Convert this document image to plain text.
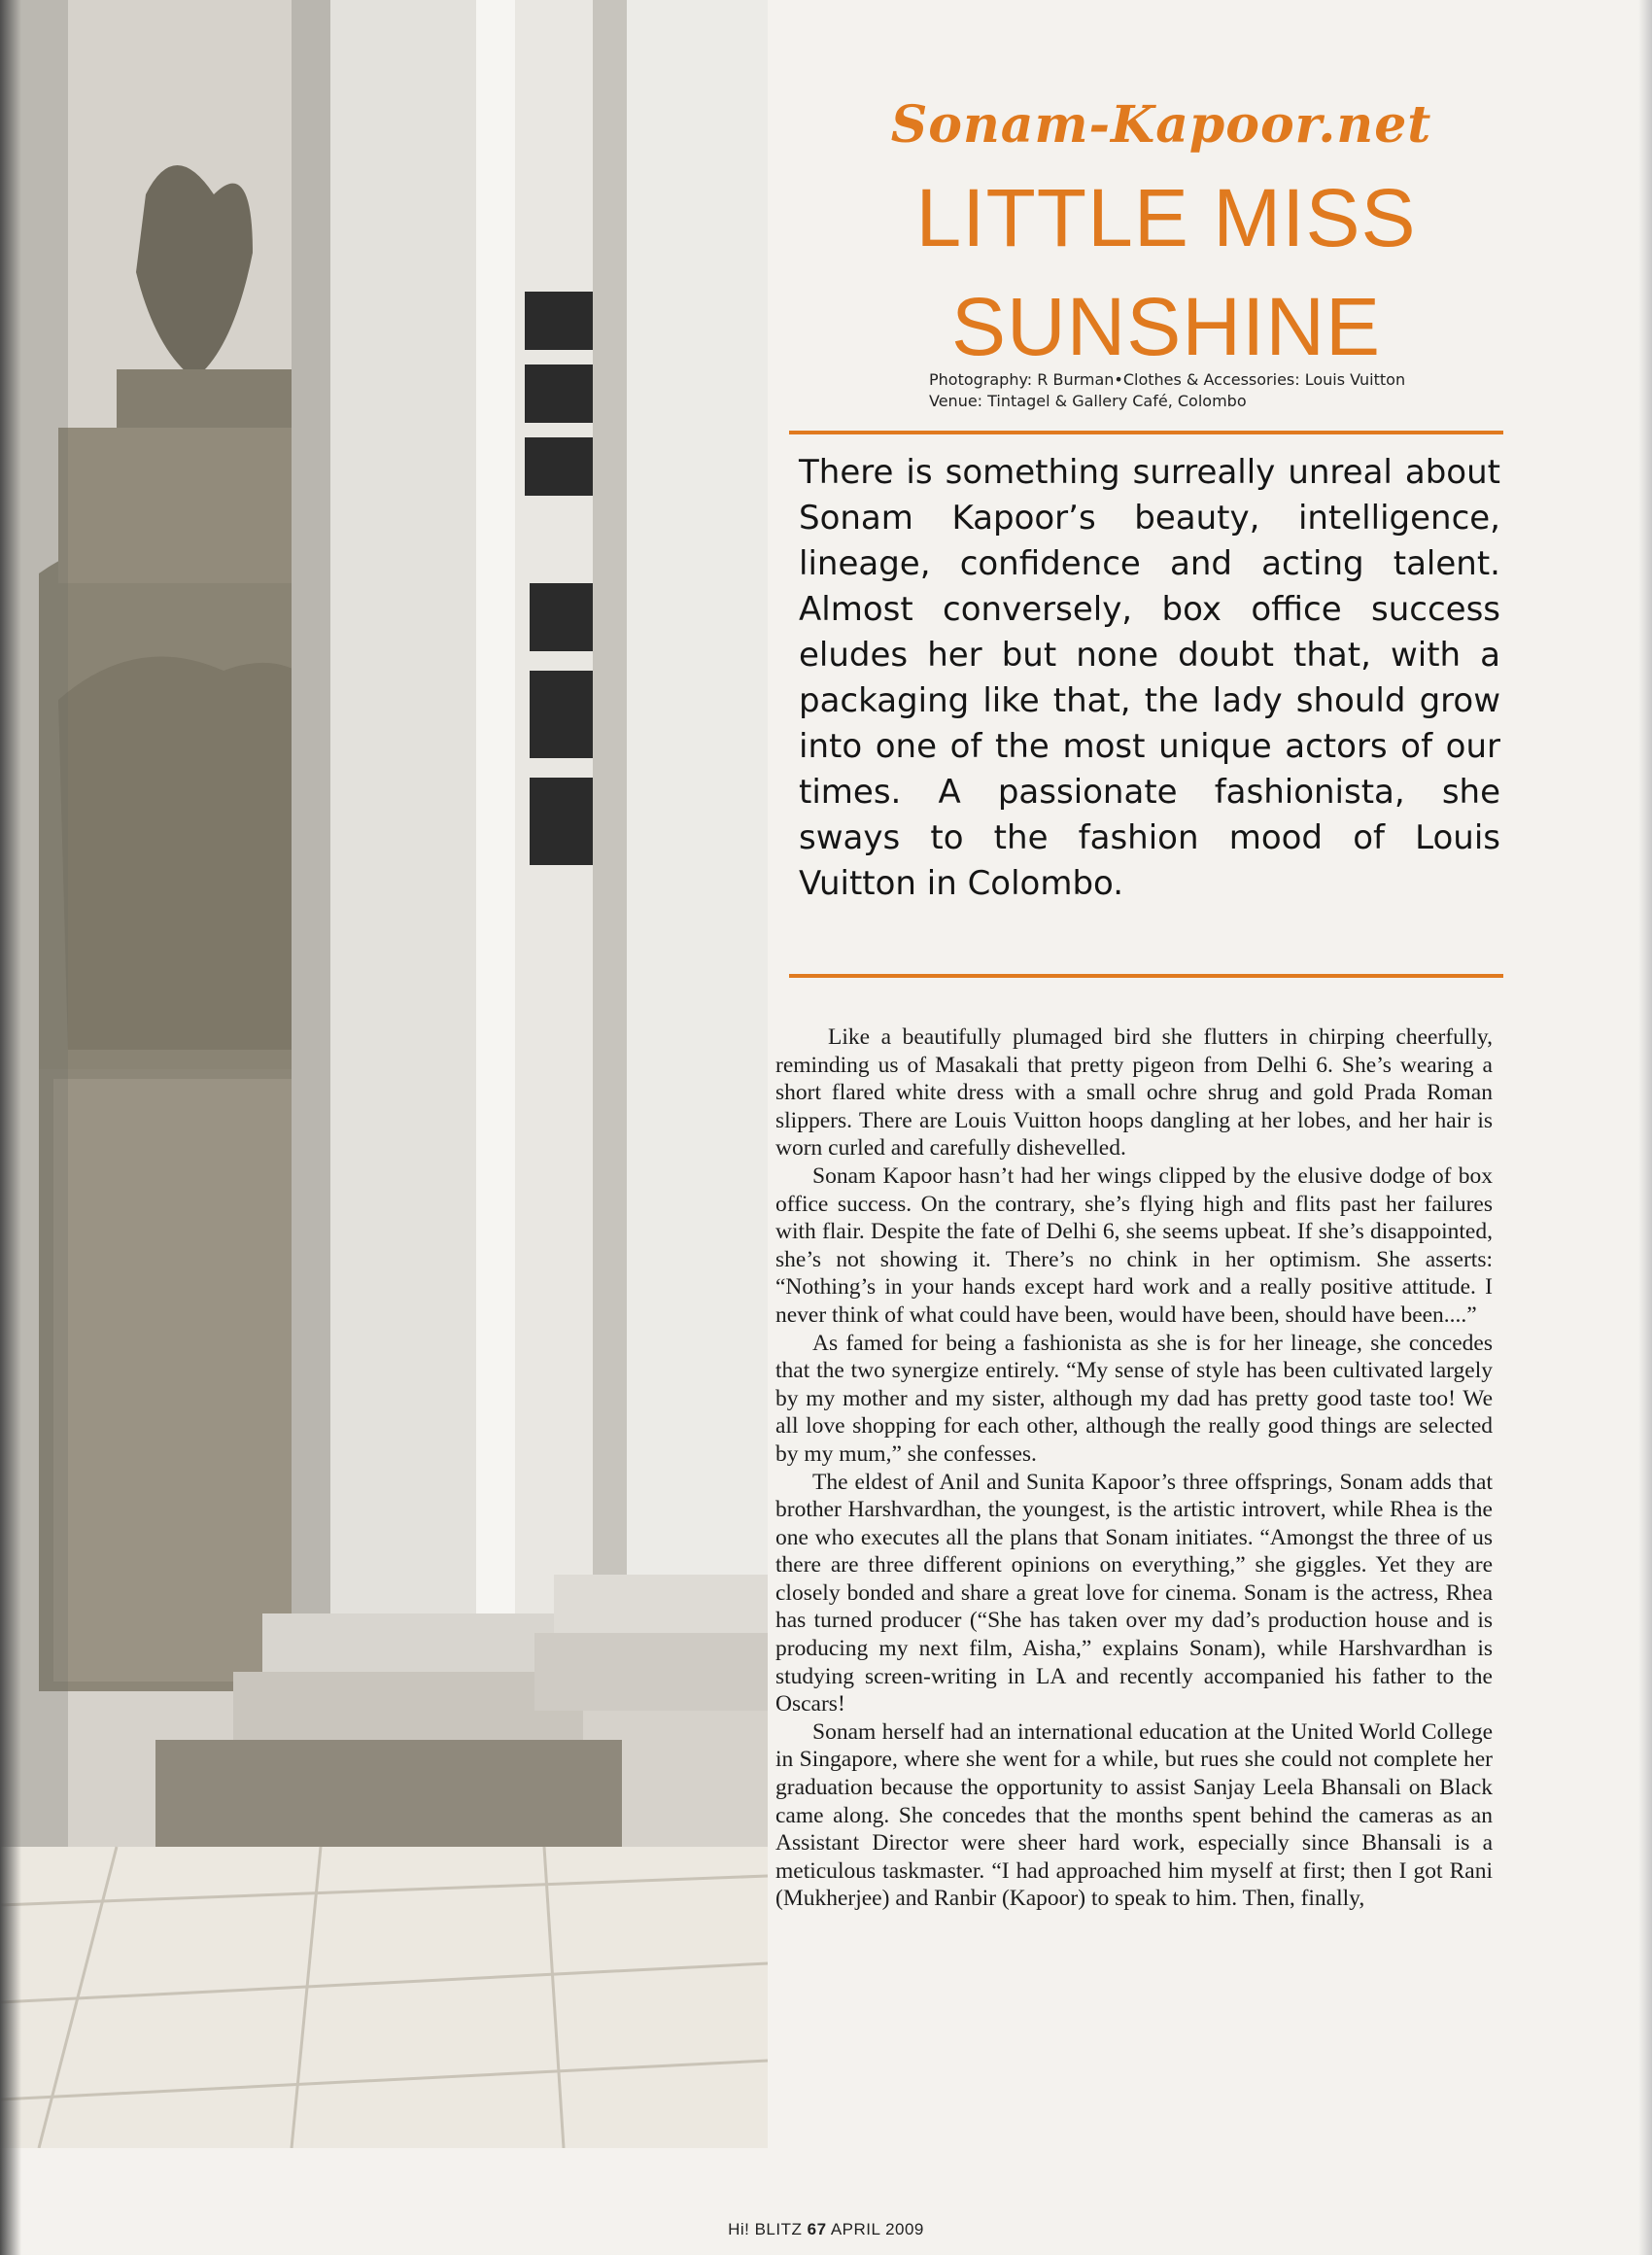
Sonam-Kapoor.net
LITTLE MISS
SUNSHINE
Photography: R Burman•Clothes & Accessories: Louis Vuitton
Venue: Tintagel & Gallery Café, Colombo
There is something surreally unreal about Sonam Kapoor’s beauty, intelligence, lineage, confidence and acting talent. Almost conversely, box office success eludes her but none doubt that, with a packaging like that, the lady should grow into one of the most unique actors of our times. A passionate fashionista, she sways to the fashion mood of Louis Vuitton in Colombo.

Like a beautifully plumaged bird she flutters in chirping cheerfully, reminding us of Masakali that pretty pigeon from Delhi 6. She’s wearing a short flared white dress with a small ochre shrug and gold Prada Roman slippers. There are Louis Vuitton hoops dangling at her lobes, and her hair is worn curled and carefully dishevelled.

Sonam Kapoor hasn’t had her wings clipped by the elusive dodge of box office success. On the contrary, she’s flying high and flits past her failures with flair. Despite the fate of Delhi 6, she seems upbeat. If she’s disappointed, she’s not showing it. There’s no chink in her optimism. She asserts: “Nothing’s in your hands except hard work and a really positive attitude. I never think of what could have been, would have been, should have been....”

As famed for being a fashionista as she is for her lineage, she concedes that the two synergize entirely. “My sense of style has been cultivated largely by my mother and my sister, although my dad has pretty good taste too! We all love shopping for each other, although the really good things are selected by my mum,” she confesses.

The eldest of Anil and Sunita Kapoor’s three offsprings, Sonam adds that brother Harshvardhan, the youngest, is the artistic introvert, while Rhea is the one who executes all the plans that Sonam initiates. “Amongst the three of us there are three different opinions on everything,” she giggles. Yet they are closely bonded and share a great love for cinema. Sonam is the actress, Rhea has turned producer (“She has taken over my dad’s production house and is producing my next film, Aisha,” explains Sonam), while Harshvardhan is studying screen-writing in LA and recently accompanied his father to the Oscars!

Sonam herself had an international education at the United World College in Singapore, where she went for a while, but rues she could not complete her graduation because the opportunity to assist Sanjay Leela Bhansali on Black came along. She concedes that the months spent behind the cameras as an Assistant Director were sheer hard work, especially since Bhansali is a meticulous taskmaster. “I had approached him myself at first; then I got Rani (Mukherjee) and Ranbir (Kapoor) to speak to him. Then, finally,

Hi! BLITZ 67 APRIL 2009
